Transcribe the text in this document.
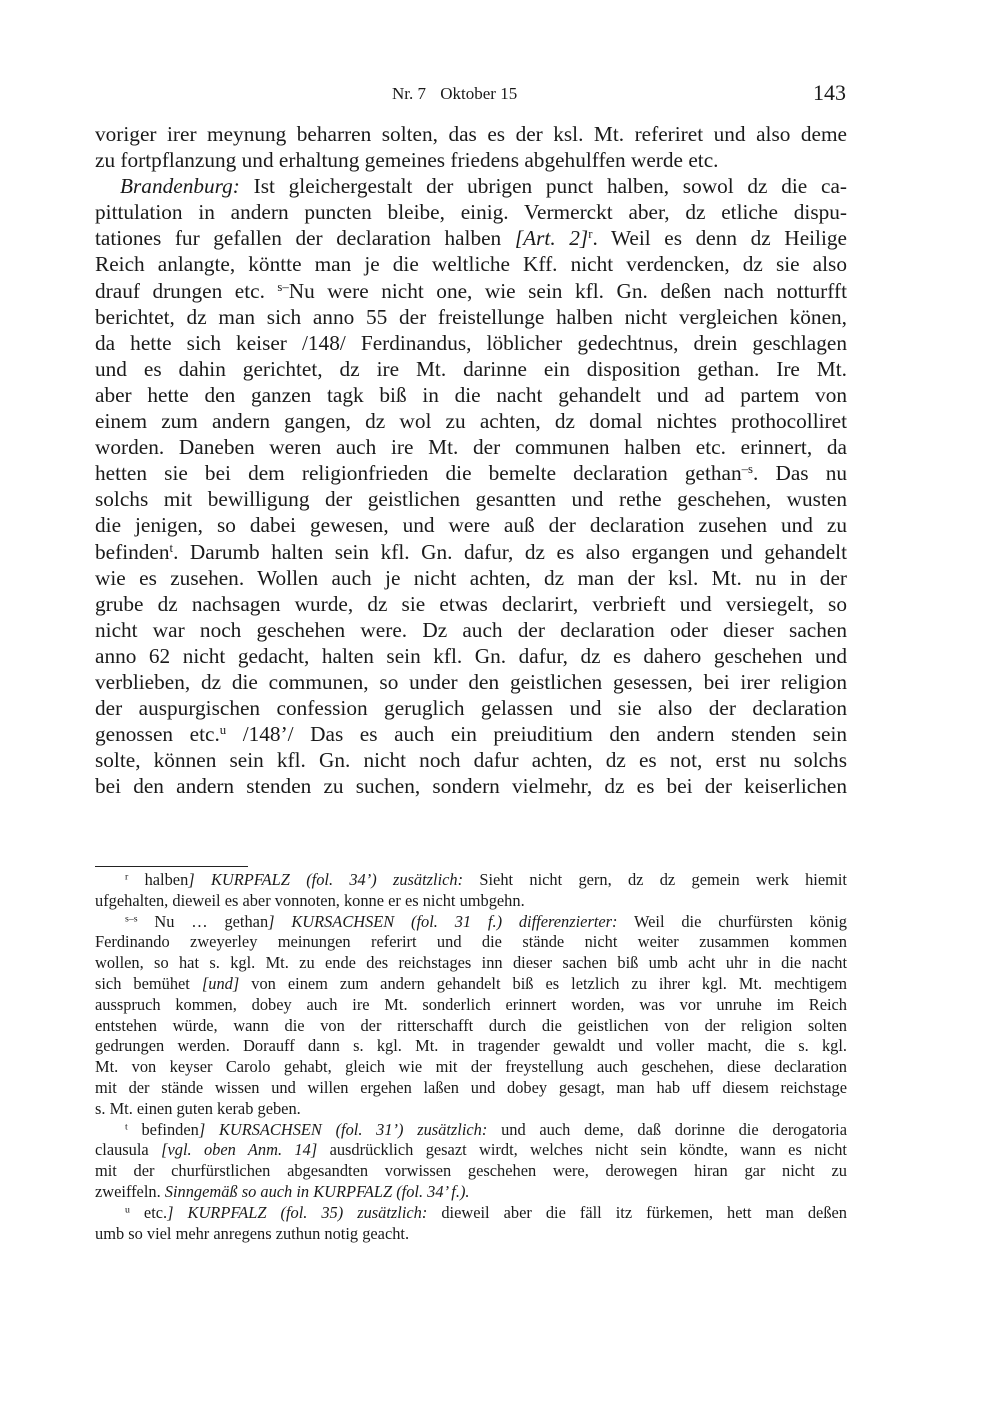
Nr. 7 Oktober 15	143
voriger irer meynung beharren solten, das es der ksl. Mt. referiret und also deme
zu fortpflanzung und erhaltung gemeines friedens abgehulffen werde etc.
Brandenburg: Ist gleichergestalt der ubrigen punct halben, sowol dz die ca-
pittulation in andern puncten bleibe, einig. Vermerckt aber, dz etliche dispu-
tationes fur gefallen der declaration halben [Art. 2]$^r$. Weil es denn dz Heilige
Reich anlangte, köntte man je die weltliche Kff. nicht verdencken, dz sie also
drauf drungen etc. $^{s-}$Nu were nicht one, wie sein kfl. Gn. deßen nach notturfft
berichtet, dz man sich anno 55 der freistellunge halben nicht vergleichen könen,
da hette sich keiser /148/ Ferdinandus, löblicher gedechtnus, drein geschlagen
und es dahin gerichtet, dz ire Mt. darinne ein disposition gethan. Ire Mt.
aber hette den ganzen tagk biß in die nacht gehandelt und ad partem von
einem zum andern gangen, dz wol zu achten, dz domal nichtes prothocolliret
worden. Daneben weren auch ire Mt. der communen halben etc. erinnert, da
hetten sie bei dem religionfrieden die bemelte declaration gethan$^{-s}$. Das nu
solchs mit bewilligung der geistlichen gesantten und rethe geschehen, wusten
die jenigen, so dabei gewesen, und were auß der declaration zusehen und zu
befinden$^t$. Darumb halten sein kfl. Gn. dafur, dz es also ergangen und gehandelt
wie es zusehen. Wollen auch je nicht achten, dz man der ksl. Mt. nu in der
grube dz nachsagen wurde, dz sie etwas declarirt, verbrieft und versiegelt, so
nicht war noch geschehen were. Dz auch der declaration oder dieser sachen
anno 62 nicht gedacht, halten sein kfl. Gn. dafur, dz es dahero geschehen und
verblieben, dz die communen, so under den geistlichen gesessen, bei irer religion
der auspurgischen confession geruglich gelassen und sie also der declaration
genossen etc.$^u$ /148’/ Das es auch ein preiuditium den andern stenden sein
solte, können sein kfl. Gn. nicht noch dafur achten, dz es not, erst nu solchs
bei den andern stenden zu suchen, sondern vielmehr, dz es bei der keiserlichen
$^r$ halben] KURPFALZ (fol. 34’) zusätzlich: Sieht nicht gern, dz dz gemein werk hiemit
ufgehalten, dieweil es aber vonnoten, konne er es nicht umbgehn.
$^{s-s}$ Nu … gethan] KURSACHSEN (fol. 31 f.) differenzierter: Weil die churfürsten könig
Ferdinando zweyerley meinungen referirt und die stände nicht weiter zusammen kommen
wollen, so hat s. kgl. Mt. zu ende des reichstages inn dieser sachen biß umb acht uhr in die nacht
sich bemühet [und] von einem zum andern gehandelt biß es letzlich zu ihrer kgl. Mt. mechtigem
ausspruch kommen, dobey auch ire Mt. sonderlich erinnert worden, was vor unruhe im Reich
entstehen würde, wann die von der ritterschafft durch die geistlichen von der religion solten
gedrungen werden. Dorauff dann s. kgl. Mt. in tragender gewaldt und voller macht, die s. kgl.
Mt. von keyser Carolo gehabt, gleich wie mit der freystellung auch geschehen, diese declaration
mit der stände wissen und willen ergehen laßen und dobey gesagt, man hab uff diesem reichstage
s. Mt. einen guten kerab geben.
$^t$ befinden] KURSACHSEN (fol. 31’) zusätzlich: und auch deme, daß dorinne die derogatoria
clausula [vgl. oben Anm. 14] ausdrücklich gesazt wirdt, welches nicht sein köndte, wann es nicht
mit der churfürstlichen abgesandten vorwissen geschehen were, derowegen hiran gar nicht zu
zweiffeln. Sinngemäß so auch in KURPFALZ (fol. 34’ f.).
$^u$ etc.] KURPFALZ (fol. 35) zusätzlich: dieweil aber die fäll itz fürkemen, hett man deßen
umb so viel mehr anregens zuthun notig geacht.
